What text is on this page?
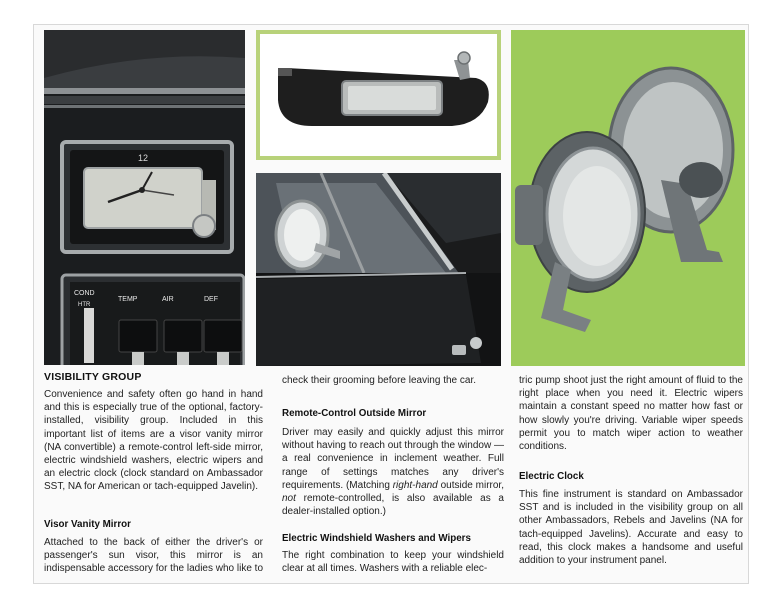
12
COND
HTR
TEMP	AIR	DEF
VISIBILITY GROUP

Convenience and safety often go hand in hand and this is especially true of the optional, factory-installed, visibility group. Included in this important list of items are a visor vanity mirror (NA convertible) a remote-control left-side mirror, electric windshield washers, electric wipers and an electric clock (clock standard on Ambassador SST, NA for American or tach-equipped Javelin).

Visor Vanity Mirror

Attached to the back of either the driver's or passenger's sun visor, this mirror is an indispensable accessory for the ladies who like to

check their grooming before leaving the car.

Remote-Control Outside Mirror

Driver may easily and quickly adjust this mirror without having to reach out through the window — a real convenience in inclement weather. Full range of settings matches any driver's requirements. (Matching right-hand outside mirror, not remote-controlled, is also available as a dealer-installed option.)

Electric Windshield Washers and Wipers

The right combination to keep your windshield clear at all times. Washers with a reliable elec-

tric pump shoot just the right amount of fluid to the right place when you need it. Electric wipers maintain a constant speed no matter how fast or how slowly you're driving. Variable wiper speeds permit you to match wiper action to weather conditions.

Electric Clock

This fine instrument is standard on Ambassador SST and is included in the visibility group on all other Ambassadors, Rebels and Javelins (NA for tach-equipped Javelins). Accurate and easy to read, this clock makes a handsome and useful addition to your instrument panel.
